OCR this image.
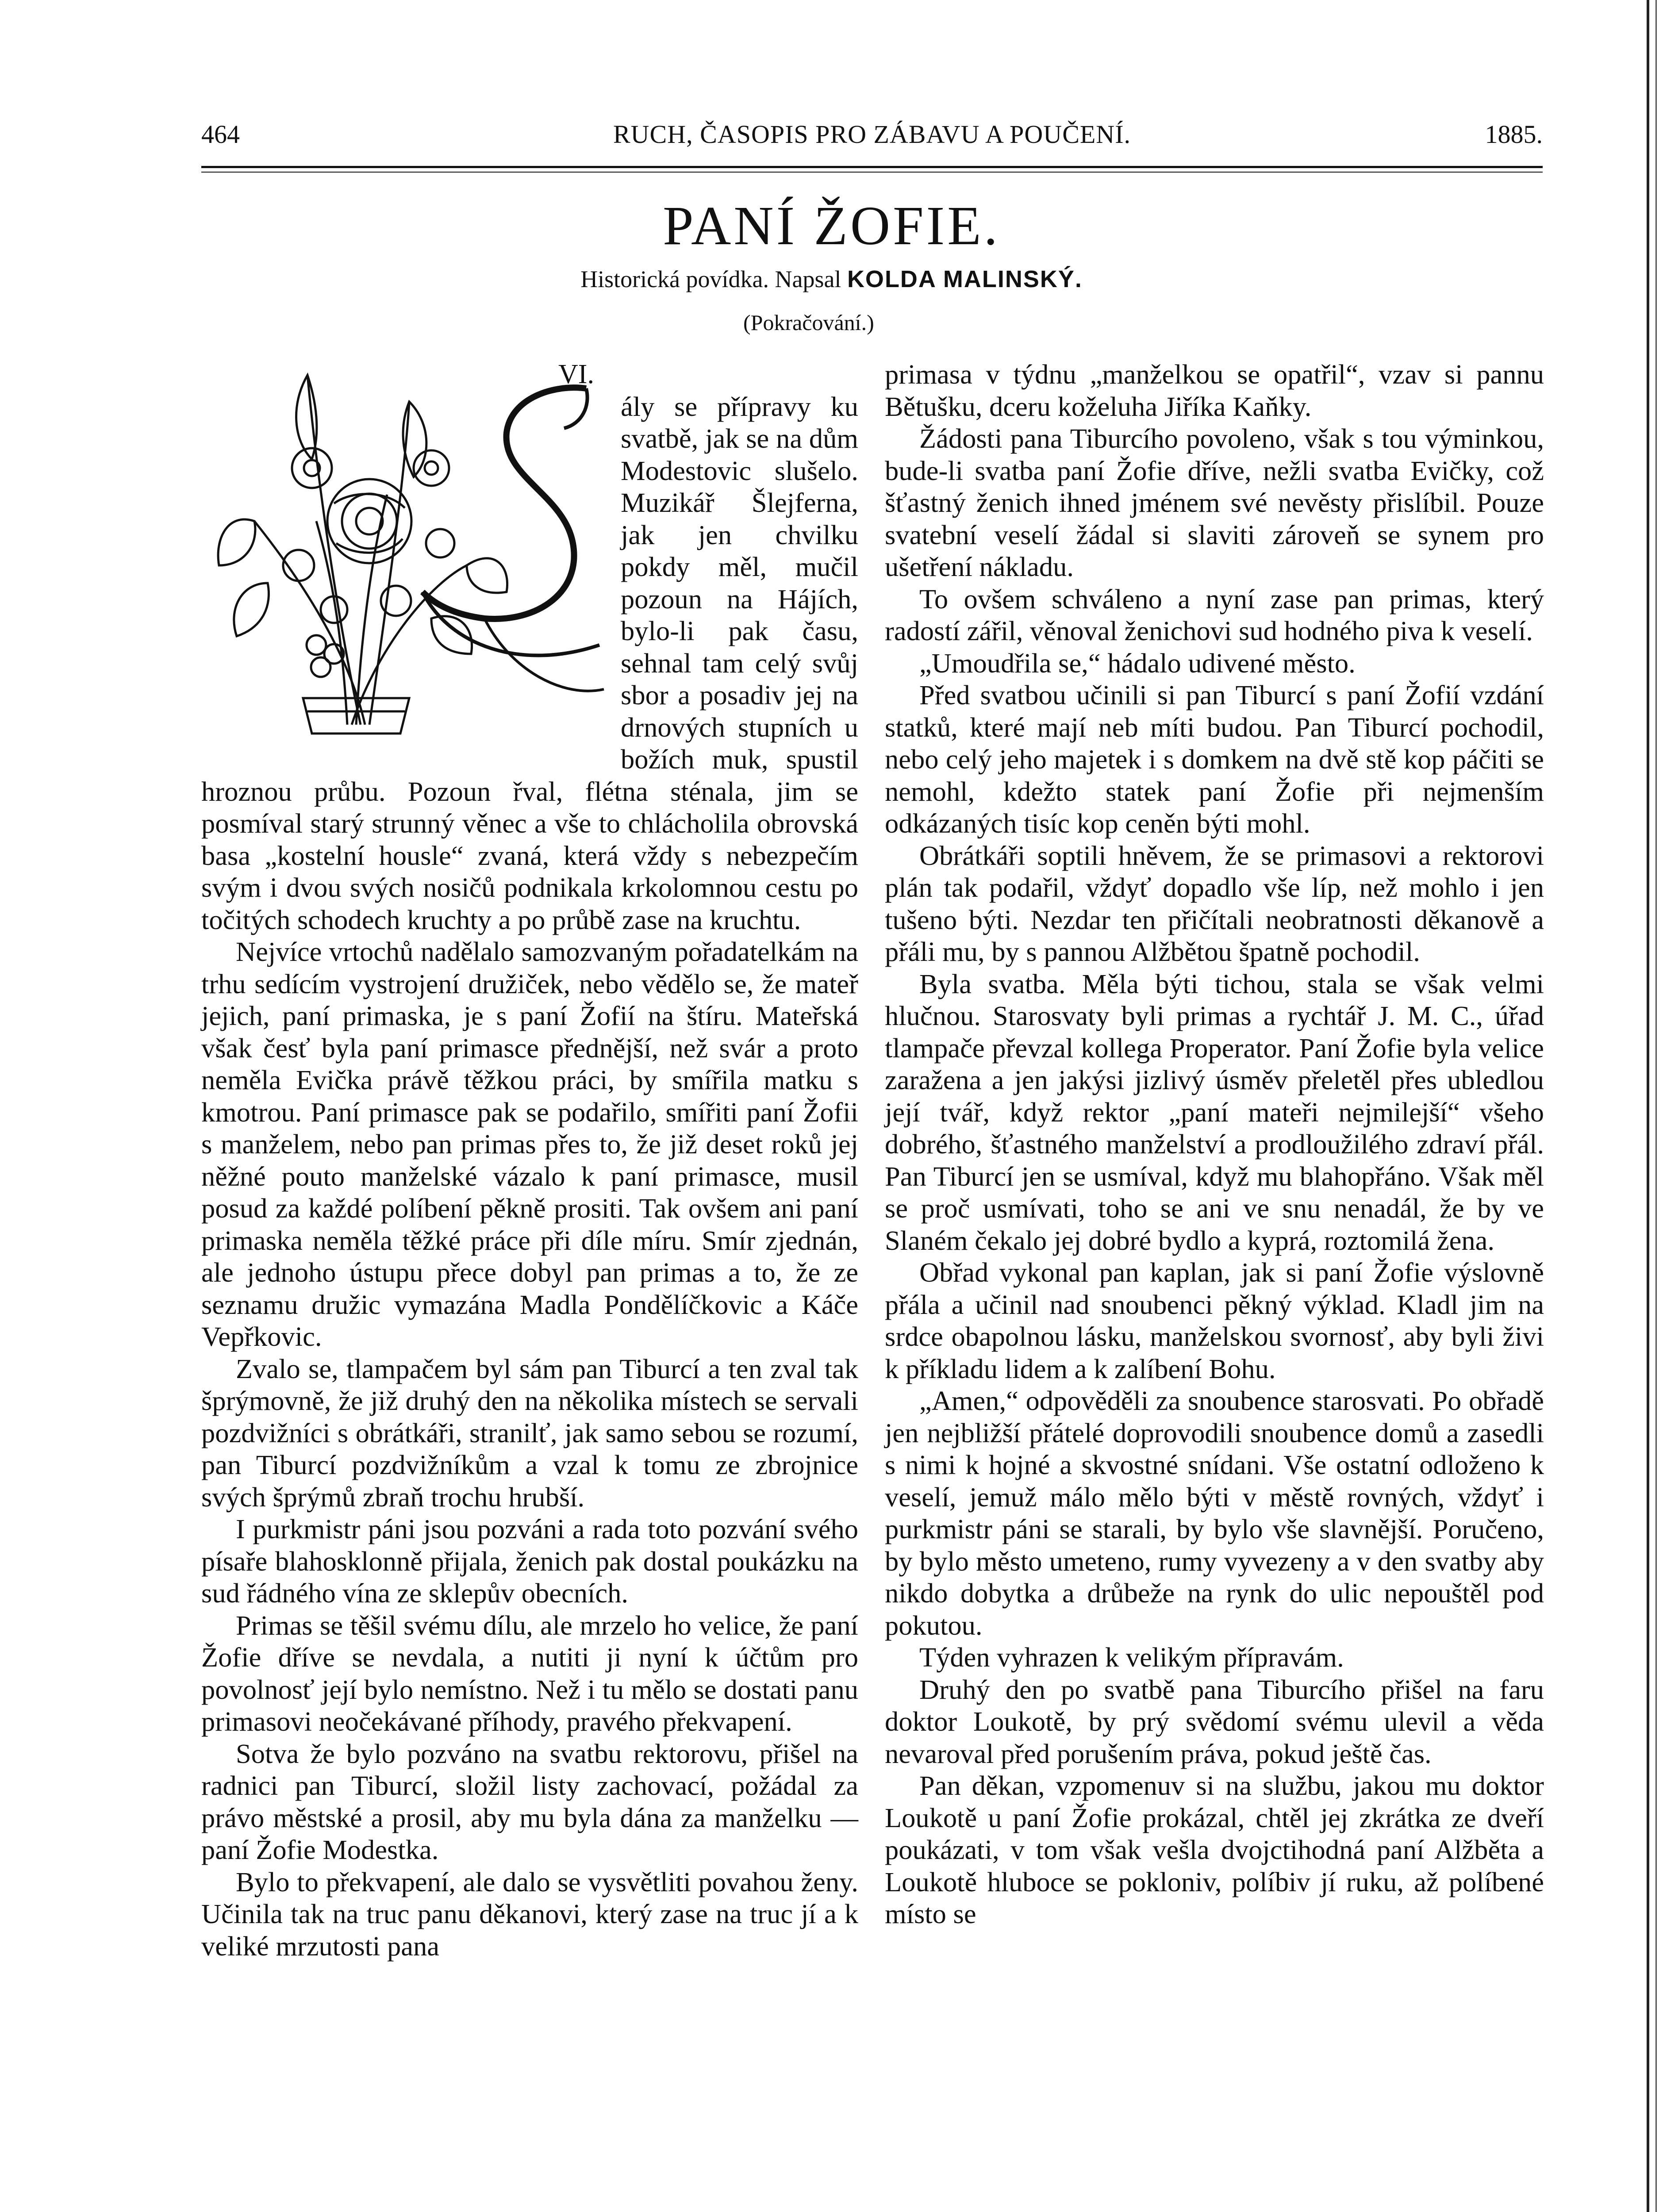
RUCH, ČASOPIS PRO ZÁBAVU A POUČENÍ.
464	1885.
PANÍ ŽOFIE.
Historická povídka. Napsal KOLDA MALINSKÝ.
(Pokračování.)

VI.

ály se přípravy ku svatbě, jak se na dům Modestovic slušelo. Muzikář Šlejferna, jak jen chvilku pokdy měl, mučil pozoun na Hájích, bylo-li pak času, sehnal tam celý svůj sbor a posadiv jej na drnových stupních u božích muk, spustil hroznou průbu. Pozoun řval, flétna sténala, jim se posmíval starý strunný věnec a vše to chlácholila obrovská basa „kostelní housle“ zvaná, která vždy s nebezpečím svým i dvou svých nosičů podnikala krkolomnou cestu po točitých schodech kruchty a po průbě zase na kruchtu.

Nejvíce vrtochů nadělalo samozvaným pořadatelkám na trhu sedícím vystrojení družiček, nebo vědělo se, že mateř jejich, paní primaska, je s paní Žofií na štíru. Mateřská však česť byla paní primasce přednější, než svár a proto neměla Evička právě těžkou práci, by smířila matku s kmotrou. Paní primasce pak se podařilo, smířiti paní Žofii s manželem, nebo pan primas přes to, že již deset roků jej něžné pouto manželské vázalo k paní primasce, musil posud za každé políbení pěkně prositi. Tak ovšem ani paní primaska neměla těžké práce při díle míru. Smír zjednán, ale jednoho ústupu přece dobyl pan primas a to, že ze seznamu družic vymazána Madla Pondělíčkovic a Káče Vepřkovic.

Zvalo se, tlampačem byl sám pan Tiburcí a ten zval tak šprýmovně, že již druhý den na několika místech se servali pozdvižníci s obrátkáři, stranilť, jak samo sebou se rozumí, pan Tiburcí pozdvižníkům a vzal k tomu ze zbrojnice svých šprýmů zbraň trochu hrubší.

I purkmistr páni jsou pozváni a rada toto pozvání svého písaře blahosklonně přijala, ženich pak dostal poukázku na sud řádného vína ze sklepův obecních.

Primas se těšil svému dílu, ale mrzelo ho velice, že paní Žofie dříve se nevdala, a nutiti ji nyní k účtům pro povolnosť její bylo nemístno. Než i tu mělo se dostati panu primasovi neočekávané příhody, pravého překvapení.

Sotva že bylo pozváno na svatbu rektorovu, přišel na radnici pan Tiburcí, složil listy zachovací, požádal za právo městské a prosil, aby mu byla dána za manželku — paní Žofie Modestka.

Bylo to překvapení, ale dalo se vysvětliti povahou ženy. Učinila tak na truc panu děkanovi, který zase na truc jí a k veliké mrzutosti pana

primasa v týdnu „manželkou se opatřil“, vzav si pannu Bětušku, dceru koželuha Jiříka Kaňky.

Žádosti pana Tiburcího povoleno, však s tou výminkou, bude-li svatba paní Žofie dříve, nežli svatba Evičky, což šťastný ženich ihned jménem své nevěsty přislíbil. Pouze svatební veselí žádal si slaviti zároveň se synem pro ušetření nákladu.

To ovšem schváleno a nyní zase pan primas, který radostí zářil, věnoval ženichovi sud hodného piva k veselí.

„Umoudřila se,“ hádalo udivené město.

Před svatbou učinili si pan Tiburcí s paní Žofií vzdání statků, které mají neb míti budou. Pan Tiburcí pochodil, nebo celý jeho majetek i s domkem na dvě stě kop páčiti se nemohl, kdežto statek paní Žofie při nejmenším odkázaných tisíc kop ceněn býti mohl.

Obrátkáři soptili hněvem, že se primasovi a rektorovi plán tak podařil, vždyť dopadlo vše líp, než mohlo i jen tušeno býti. Nezdar ten přičítali neobratnosti děkanově a přáli mu, by s pannou Alžbětou špatně pochodil.

Byla svatba. Měla býti tichou, stala se však velmi hlučnou. Starosvaty byli primas a rychtář J. M. C., úřad tlampače převzal kollega Properator. Paní Žofie byla velice zaražena a jen jakýsi jizlivý úsměv přeletěl přes ubledlou její tvář, když rektor „paní mateři nejmilejší“ všeho dobrého, šťastného manželství a prodloužilého zdraví přál. Pan Tiburcí jen se usmíval, když mu blahopřáno. Však měl se proč usmívati, toho se ani ve snu nenadál, že by ve Slaném čekalo jej dobré bydlo a kyprá, roztomilá žena.

Obřad vykonal pan kaplan, jak si paní Žofie výslovně přála a učinil nad snoubenci pěkný výklad. Kladl jim na srdce obapolnou lásku, manželskou svornosť, aby byli živi k příkladu lidem a k zalíbení Bohu.

„Amen,“ odpověděli za snoubence starosvati. Po obřadě jen nejbližší přátelé doprovodili snoubence domů a zasedli s nimi k hojné a skvostné snídani. Vše ostatní odloženo k veselí, jemuž málo mělo býti v městě rovných, vždyť i purkmistr páni se starali, by bylo vše slavnější. Poručeno, by bylo město umeteno, rumy vyvezeny a v den svatby aby nikdo dobytka a drůbeže na rynk do ulic nepouštěl pod pokutou.

Týden vyhrazen k velikým přípravám.

Druhý den po svatbě pana Tiburcího přišel na faru doktor Loukotě, by prý svědomí svému ulevil a věda nevaroval před porušením práva, pokud ještě čas.

Pan děkan, vzpomenuv si na službu, jakou mu doktor Loukotě u paní Žofie prokázal, chtěl jej zkrátka ze dveří poukázati, v tom však vešla dvojctihodná paní Alžběta a Loukotě hluboce se pokloniv, políbiv jí ruku, až políbené místo se
